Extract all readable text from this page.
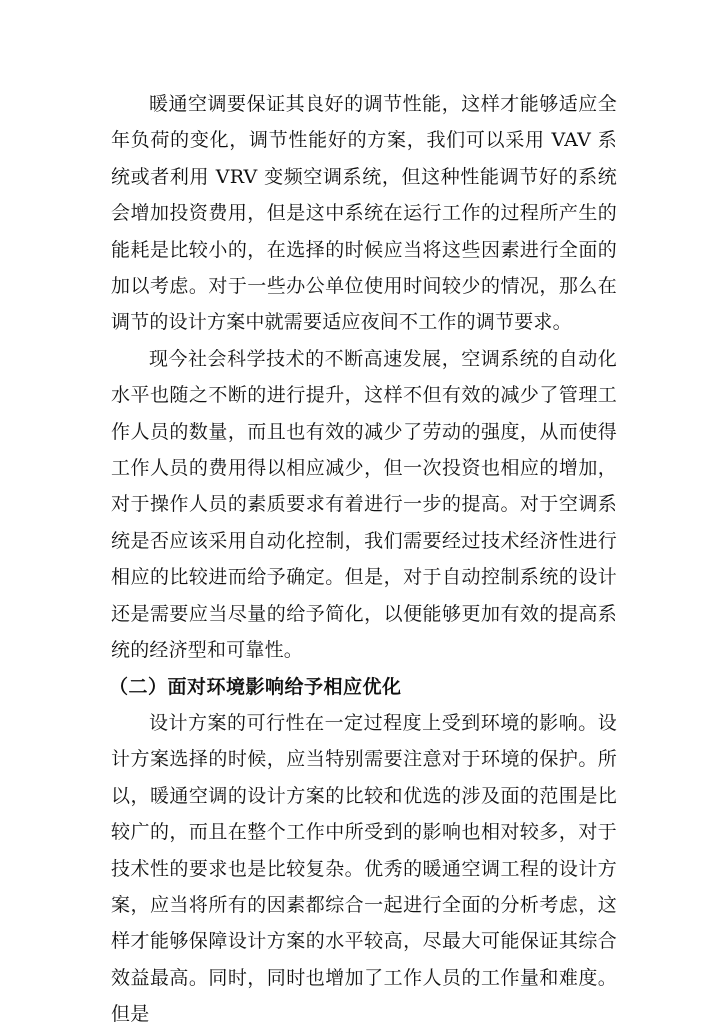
暖通空调要保证其良好的调节性能，这样才能够适应全年负荷的变化，调节性能好的方案，我们可以采用 VAV 系统或者利用 VRV 变频空调系统，但这种性能调节好的系统会增加投资费用，但是这中系统在运行工作的过程所产生的能耗是比较小的，在选择的时候应当将这些因素进行全面的加以考虑。对于一些办公单位使用时间较少的情况，那么在调节的设计方案中就需要适应夜间不工作的调节要求。

现今社会科学技术的不断高速发展，空调系统的自动化水平也随之不断的进行提升，这样不但有效的减少了管理工作人员的数量，而且也有效的减少了劳动的强度，从而使得工作人员的费用得以相应减少，但一次投资也相应的增加，对于操作人员的素质要求有着进行一步的提高。对于空调系统是否应该采用自动化控制，我们需要经过技术经济性进行相应的比较进而给予确定。但是，对于自动控制系统的设计还是需要应当尽量的给予简化，以便能够更加有效的提高系统的经济型和可靠性。

（二）面对环境影响给予相应优化

设计方案的可行性在一定过程度上受到环境的影响。设计方案选择的时候，应当特别需要注意对于环境的保护。所以，暖通空调的设计方案的比较和优选的涉及面的范围是比较广的，而且在整个工作中所受到的影响也相对较多，对于技术性的要求也是比较复杂。优秀的暖通空调工程的设计方案，应当将所有的因素都综合一起进行全面的分析考虑，这样才能够保障设计方案的水平较高，尽最大可能保证其综合效益最高。同时，同时也增加了工作人员的工作量和难度。但是
